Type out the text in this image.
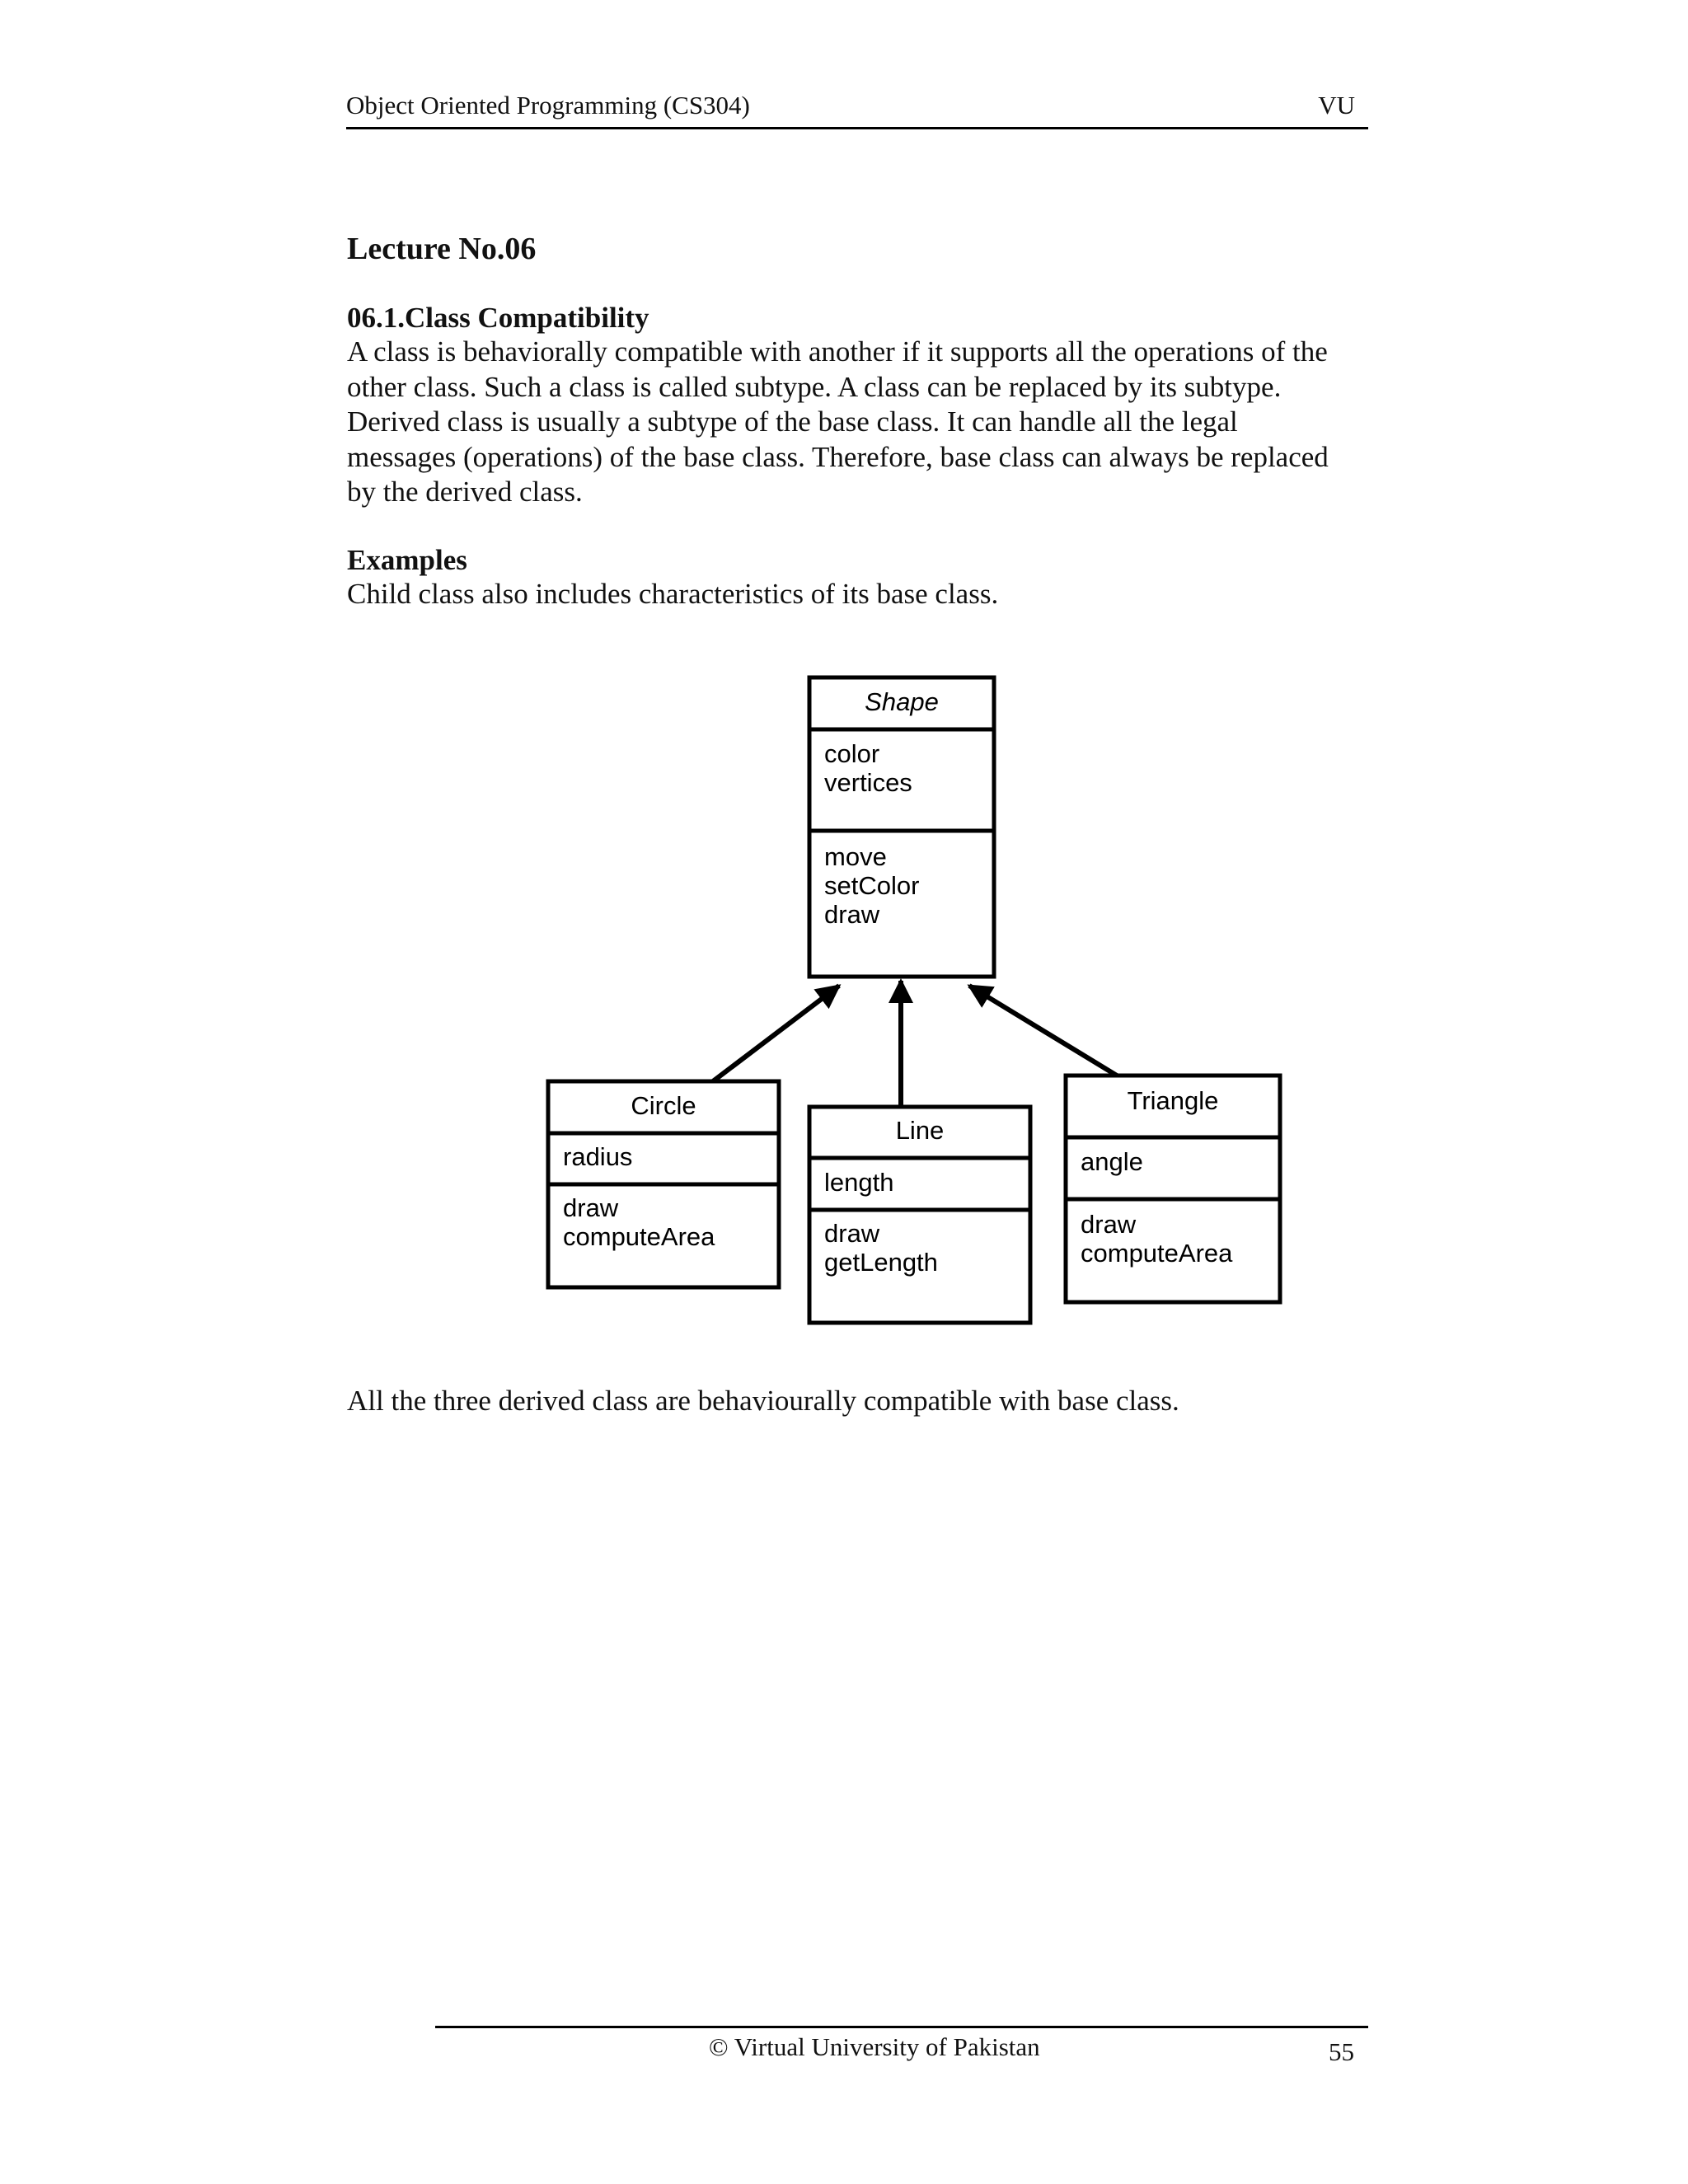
Object Oriented Programming (CS304)	VU
Lecture No.06
06.1.Class Compatibility
A class is behaviorally compatible with another if it supports all the operations of the
other class. Such a class is called subtype. A class can be replaced by its subtype.
Derived class is usually a subtype of the base class. It can handle all the legal
messages (operations) of the base class. Therefore, base class can always be replaced
by the derived class.
Examples
Child class also includes characteristics of its base class.
Shape
color
vertices
move
setColor
draw
Circle
radius
draw
computeArea
Line
length
draw
getLength
Triangle
angle
draw
computeArea
All the three derived class are behaviourally compatible with base class.
© Virtual University of Pakistan	55
